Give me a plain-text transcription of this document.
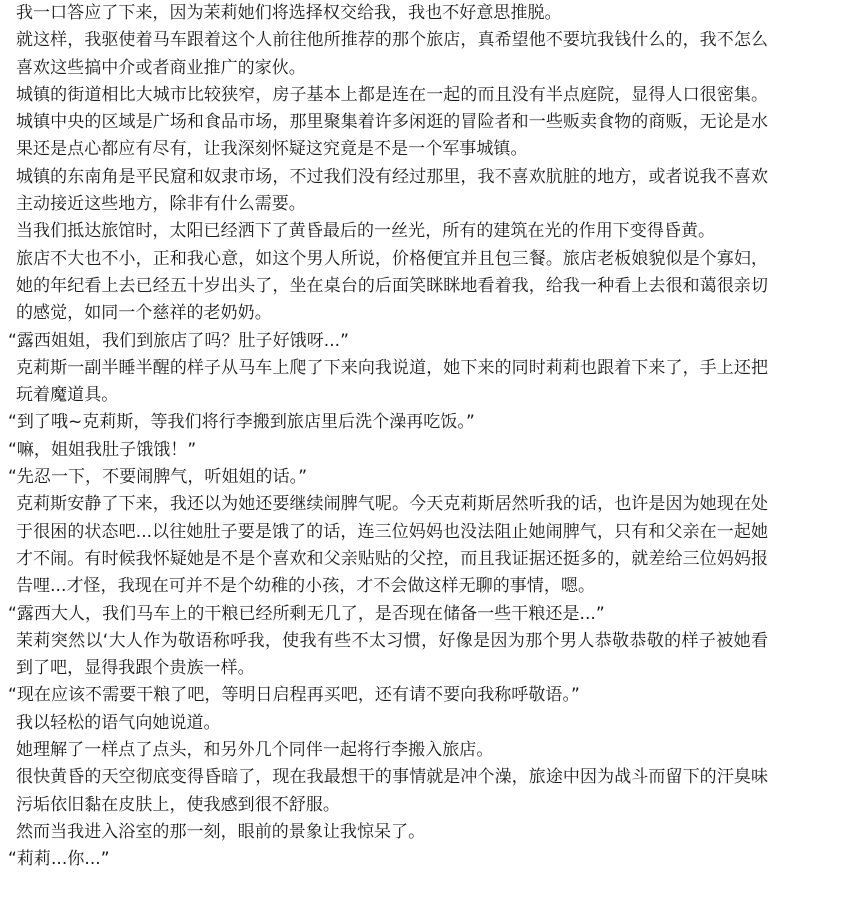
我一口答应了下来，因为茉莉她们将选择权交给我，我也不好意思推脱。

就这样，我驱使着马车跟着这个人前往他所推荐的那个旅店，真希望他不要坑我钱什么的，我不怎么喜欢这些搞中介或者商业推广的家伙。

城镇的街道相比大城市比较狭窄，房子基本上都是连在一起的而且没有半点庭院，显得人口很密集。城镇中央的区域是广场和食品市场，那里聚集着许多闲逛的冒险者和一些贩卖食物的商贩，无论是水果还是点心都应有尽有，让我深刻怀疑这究竟是不是一个军事城镇。

城镇的东南角是平民窟和奴隶市场，不过我们没有经过那里，我不喜欢肮脏的地方，或者说我不喜欢主动接近这些地方，除非有什么需要。

当我们抵达旅馆时，太阳已经洒下了黄昏最后的一丝光，所有的建筑在光的作用下变得昏黄。

旅店不大也不小，正和我心意，如这个男人所说，价格便宜并且包三餐。旅店老板娘貌似是个寡妇，她的年纪看上去已经五十岁出头了，坐在桌台的后面笑眯眯地看着我，给我一种看上去很和蔼很亲切的感觉，如同一个慈祥的老奶奶。

“露西姐姐，我们到旅店了吗？肚子好饿呀...”

克莉斯一副半睡半醒的样子从马车上爬了下来向我说道，她下来的同时莉莉也跟着下来了，手上还把玩着魔道具。

“到了哦~克莉斯，等我们将行李搬到旅店里后洗个澡再吃饭。”

“嘛，姐姐我肚子饿饿！”

“先忍一下，不要闹脾气，听姐姐的话。”

克莉斯安静了下来，我还以为她还要继续闹脾气呢。今天克莉斯居然听我的话，也许是因为她现在处于很困的状态吧...以往她肚子要是饿了的话，连三位妈妈也没法阻止她闹脾气，只有和父亲在一起她才不闹。有时候我怀疑她是不是个喜欢和父亲贴贴的父控，而且我证据还挺多的，就差给三位妈妈报告哩...才怪，我现在可并不是个幼稚的小孩，才不会做这样无聊的事情，嗯。

“露西大人，我们马车上的干粮已经所剩无几了，是否现在储备一些干粮还是...”

茉莉突然以‘大人作为敬语称呼我，使我有些不太习惯，好像是因为那个男人恭敬恭敬的样子被她看到了吧，显得我跟个贵族一样。

“现在应该不需要干粮了吧，等明日启程再买吧，还有请不要向我称呼敬语。”

我以轻松的语气向她说道。

她理解了一样点了点头，和另外几个同伴一起将行李搬入旅店。

很快黄昏的天空彻底变得昏暗了，现在我最想干的事情就是冲个澡，旅途中因为战斗而留下的汗臭味污垢依旧黏在皮肤上，使我感到很不舒服。

然而当我进入浴室的那一刻，眼前的景象让我惊呆了。

“莉莉...你...”
